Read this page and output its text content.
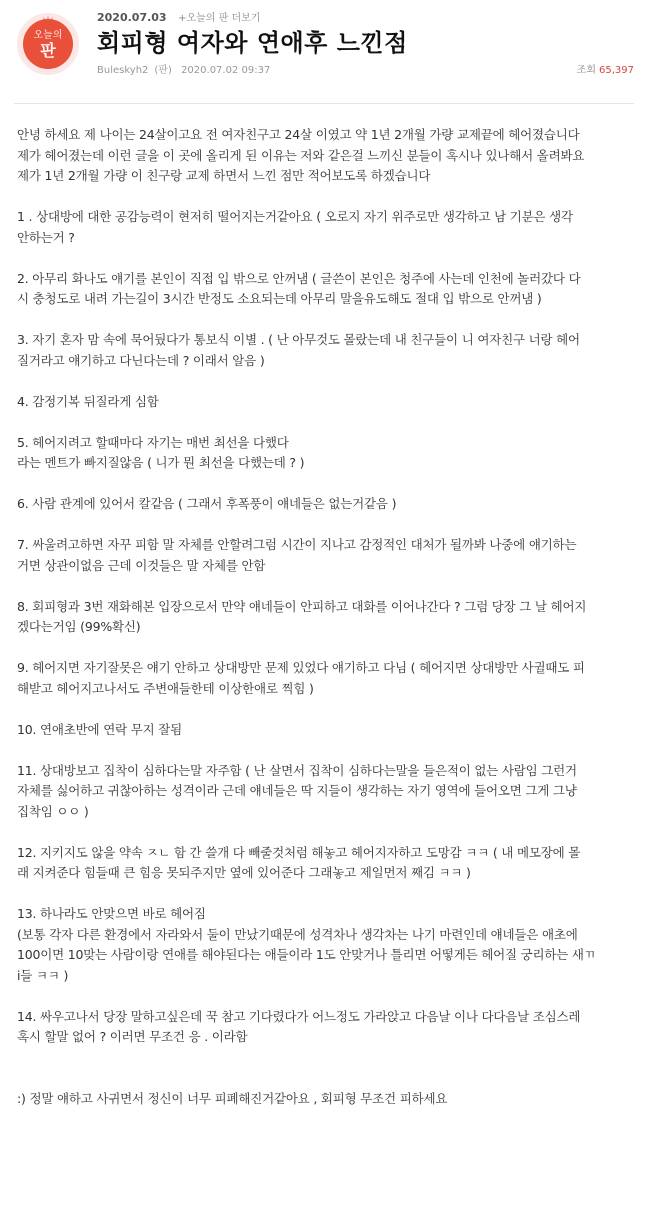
오늘의
판
2020.07.03 +오늘의 판 더보기
회피형 여자와 연애후 느낀점
Buleskyh2 (판) 2020.07.02 09:37	조회 65,397

안녕 하세요 제 나이는 24살이고요 전 여자친구고 24살 이였고 약 1년 2개월 가량 교제끝에 헤어졌습니다
제가 헤어졌는데 이런 글을 이 곳에 올리게 된 이유는 저와 같은걸 느끼신 분들이 혹시나 있나해서 올려봐요
제가 1년 2개월 가량 이 친구랑 교제 하면서 느낀 점만 적어보도록 하겠습니다

1 . 상대방에 대한 공감능력이 현저히 떨어지는거같아요 ( 오로지 자기 위주로만 생각하고 남 기분은 생각
안하는거 ?

2. 아무리 화나도 얘기를 본인이 직접 입 밖으로 안꺼냄 ( 글쓴이 본인은 청주에 사는데 인천에 놀러갔다 다
시 충청도로 내려 가는길이 3시간 반정도 소요되는데 아무리 말을유도해도 절대 입 밖으로 안꺼냄 )

3. 자기 혼자 맘 속에 묵어뒀다가 통보식 이별 . ( 난 아무것도 몰랐는데 내 친구들이 니 여자친구 너랑 헤어
질거라고 얘기하고 다닌다는데 ? 이래서 알음 )

4. 감정기복 뒤질라게 심함

5. 헤어지려고 할때마다 자기는 매번 최선을 다했다
라는 멘트가 빠지질않음 ( 니가 뭔 최선을 다했는데 ? )

6. 사람 관계에 있어서 칼같음 ( 그래서 후폭풍이 얘네들은 없는거같음 )

7. 싸울려고하면 자꾸 피함 말 자체를 안할려그럼 시간이 지나고 감정적인 대처가 될까봐 나중에 얘기하는
거면 상관이없음 근데 이것들은 말 자체를 안함

8. 회피형과 3번 재화해본 입장으로서 만약 얘네들이 안피하고 대화를 이어나간다 ? 그럼 당장 그 날 헤어지
겠다는거임 (99%확신)

9. 헤어지면 자기잘못은 얘기 안하고 상대방만 문제 있었다 얘기하고 다님 ( 헤어지면 상대방만 사귈때도 피
해받고 헤어지고나서도 주변애들한테 이상한애로 찍힘 )

10. 연애초반에 연락 무지 잘됨

11. 상대방보고 집착이 심하다는말 자주함 ( 난 살면서 집착이 심하다는말을 들은적이 없는 사람임 그런거
자체를 싫어하고 귀찮아하는 성격이라 근데 얘네들은 딱 지들이 생각하는 자기 영역에 들어오면 그게 그냥
집착임 ㅇㅇ )

12. 지키지도 않을 약속 ㅈㄴ 함 간 쓸개 다 빼줄것처럼 해놓고 헤어지자하고 도망감 ㅋㅋ ( 내 메모장에 몰
래 지켜준다 힘들때 큰 힘응 못되주지만 옆에 있어준다 그래놓고 제일먼저 째김 ㅋㅋ )

13. 하나라도 안맞으면 바로 헤어짐
(보통 각자 다른 환경에서 자라와서 둘이 만났기때문에 성격차나 생각차는 나기 마련인데 얘네들은 애초에
100이면 10맞는 사람이랑 연애를 해야된다는 애들이라 1도 안맞거나 틀리면 어떻게든 헤어질 궁리하는 새ㄲ
i들 ㅋㅋ )

14. 싸우고나서 당장 말하고싶은데 꾹 참고 기다렸다가 어느정도 가라앉고 다음날 이나 다다음날 조심스레
혹시 할말 없어 ? 이러면 무조건 응 . 이라함

:) 정말 얘하고 사귀면서 정신이 너무 피폐해진거같아요 , 회피형 무조건 피하세요
